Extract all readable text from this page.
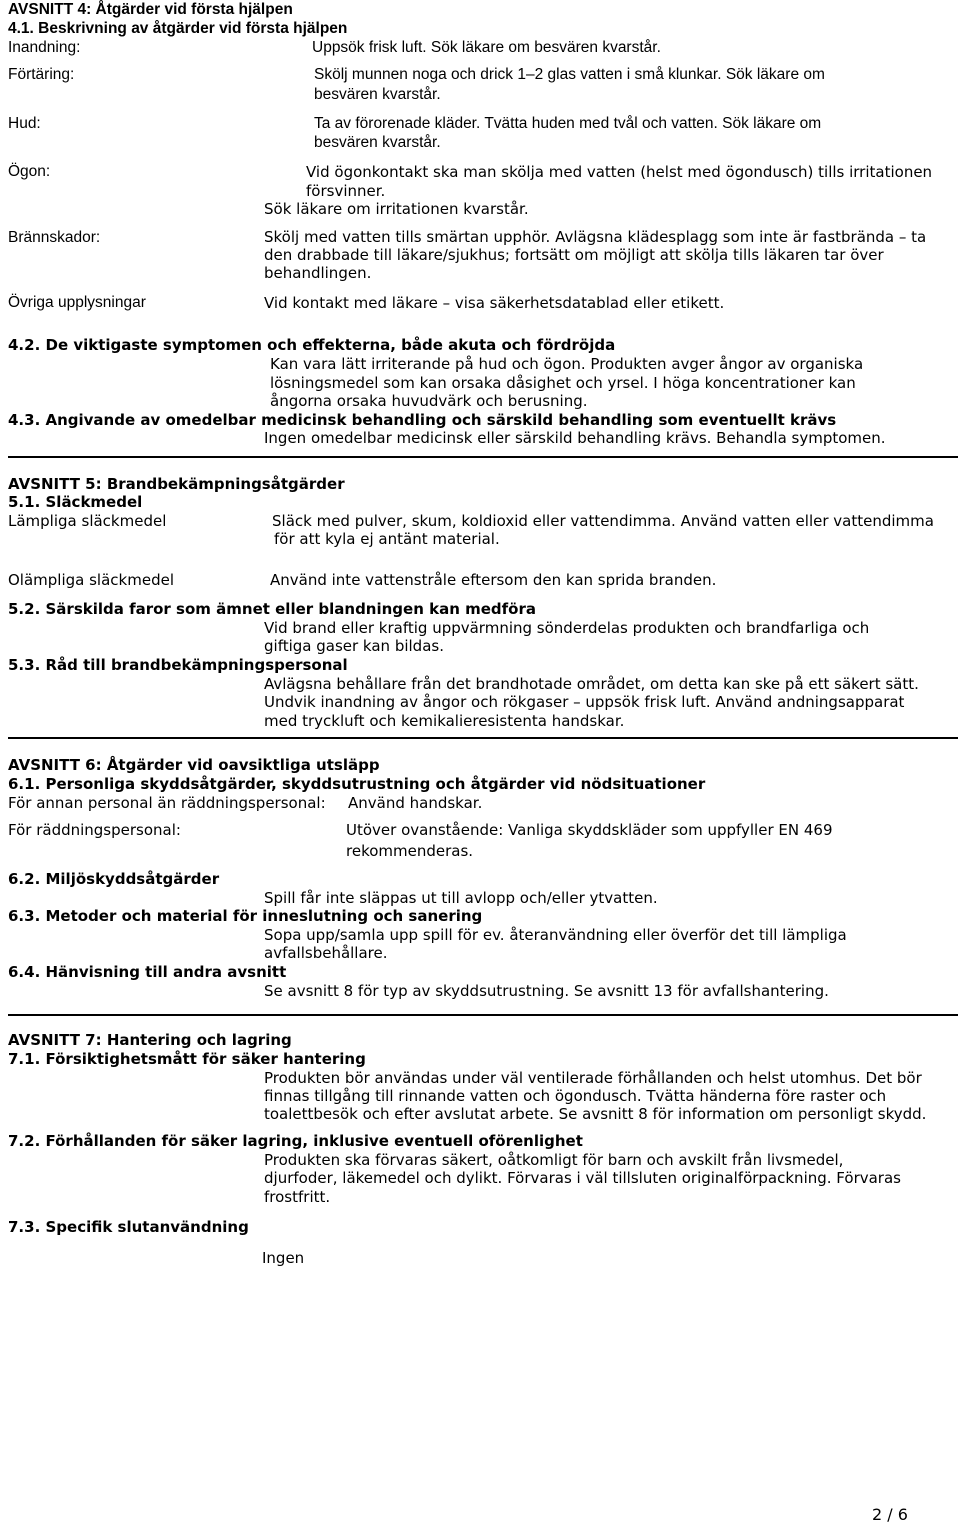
AVSNITT 4: Åtgärder vid första hjälpen
4.1. Beskrivning av åtgärder vid första hjälpen
Inandning:	Uppsök frisk luft. Sök läkare om besvären kvarstår.
Förtäring:	Skölj munnen noga och drick 1–2 glas vatten i små klunkar. Sök läkare om
besvären kvarstår.
Hud:	Ta av förorenade kläder. Tvätta huden med tvål och vatten. Sök läkare om
besvären kvarstår.
Ögon:	Vid ögonkontakt ska man skölja med vatten (helst med ögondusch) tills irritationen
försvinner.
Sök läkare om irritationen kvarstår.
Brännskador:	Skölj med vatten tills smärtan upphör. Avlägsna klädesplagg som inte är fastbrända – ta
den drabbade till läkare/sjukhus; fortsätt om möjligt att skölja tills läkaren tar över
behandlingen.
Övriga upplysningar	Vid kontakt med läkare – visa säkerhetsdatablad eller etikett.
4.2. De viktigaste symptomen och effekterna, både akuta och fördröjda
Kan vara lätt irriterande på hud och ögon. Produkten avger ångor av organiska
lösningsmedel som kan orsaka dåsighet och yrsel. I höga koncentrationer kan
ångorna orsaka huvudvärk och berusning.
4.3. Angivande av omedelbar medicinsk behandling och särskild behandling som eventuellt krävs
Ingen omedelbar medicinsk eller särskild behandling krävs. Behandla symptomen.
AVSNITT 5: Brandbekämpningsåtgärder
5.1. Släckmedel
Lämpliga släckmedel	Släck med pulver, skum, koldioxid eller vattendimma. Använd vatten eller vattendimma
för att kyla ej antänt material.
Olämpliga släckmedel	Använd inte vattenstråle eftersom den kan sprida branden.
5.2. Särskilda faror som ämnet eller blandningen kan medföra
Vid brand eller kraftig uppvärmning sönderdelas produkten och brandfarliga och
giftiga gaser kan bildas.
5.3. Råd till brandbekämpningspersonal
Avlägsna behållare från det brandhotade området, om detta kan ske på ett säkert sätt.
Undvik inandning av ångor och rökgaser – uppsök frisk luft. Använd andningsapparat
med tryckluft och kemikalieresistenta handskar.
AVSNITT 6: Åtgärder vid oavsiktliga utsläpp
6.1. Personliga skyddsåtgärder, skyddsutrustning och åtgärder vid nödsituationer
För annan personal än räddningspersonal: Använd handskar.
För räddningspersonal:	Utöver ovanstående: Vanliga skyddskläder som uppfyller EN 469
rekommenderas.
6.2. Miljöskyddsåtgärder
Spill får inte släppas ut till avlopp och/eller ytvatten.
6.3. Metoder och material för inneslutning och sanering
Sopa upp/samla upp spill för ev. återanvändning eller överför det till lämpliga
avfallsbehållare.
6.4. Hänvisning till andra avsnitt
Se avsnitt 8 för typ av skyddsutrustning. Se avsnitt 13 för avfallshantering.
AVSNITT 7: Hantering och lagring
7.1. Försiktighetsmått för säker hantering
Produkten bör användas under väl ventilerade förhållanden och helst utomhus. Det bör
finnas tillgång till rinnande vatten och ögondusch. Tvätta händerna före raster och
toalettbesök och efter avslutat arbete. Se avsnitt 8 för information om personligt skydd.
7.2. Förhållanden för säker lagring, inklusive eventuell oförenlighet
Produkten ska förvaras säkert, oåtkomligt för barn och avskilt från livsmedel,
djurfoder, läkemedel och dylikt. Förvaras i väl tillsluten originalförpackning. Förvaras
frostfritt.
7.3. Specifik slutanvändning
Ingen
2 / 6
